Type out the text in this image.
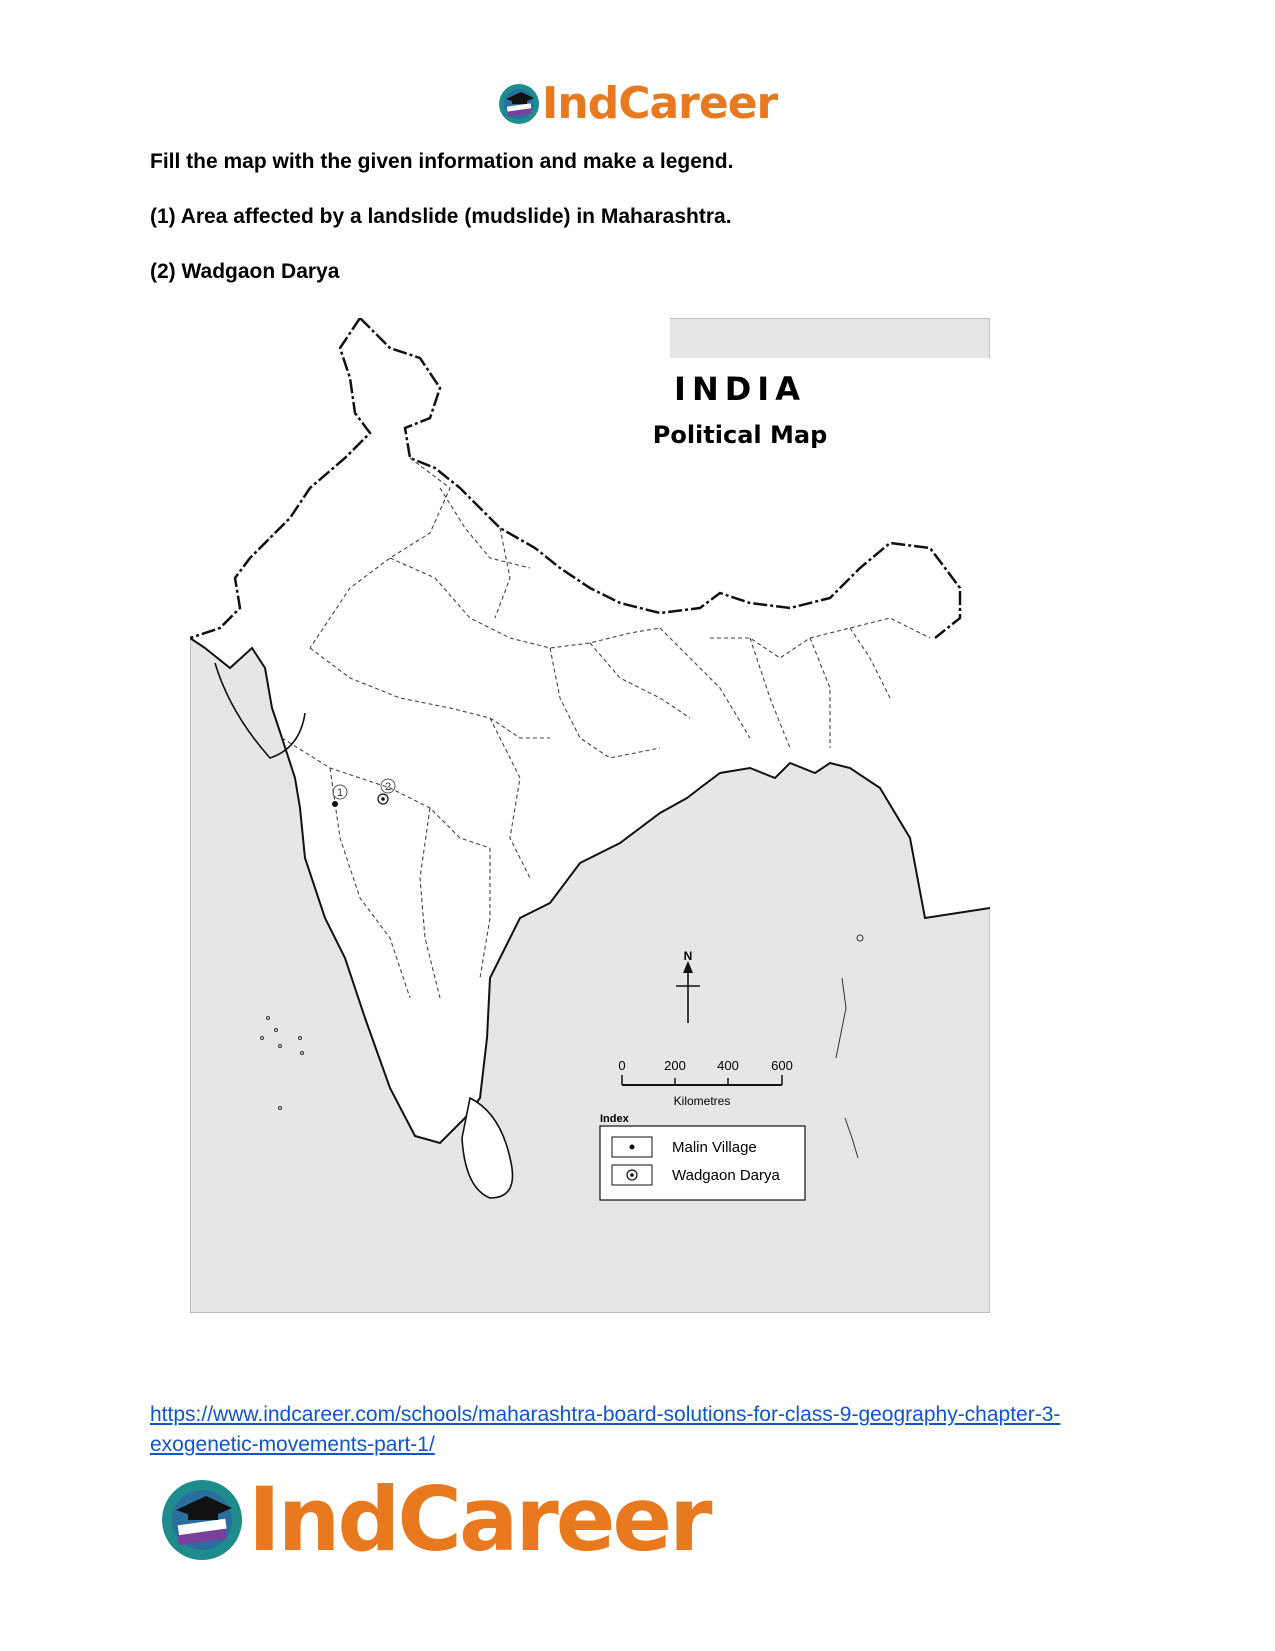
IndCareer

Fill the map with the given information and make a legend.

(1) Area affected by a landslide (mudslide) in Maharashtra.

(2) Wadgaon Darya

INDIA
Political Map
1	2
N
0	200 400 600
Kilometres
Index
Malin Village
Wadgaon Darya
https://www.indcareer.com/schools/maharashtra-board-solutions-for-class-9-geography-chapter-3-exogenetic-movements-part-1/
IndCareer
